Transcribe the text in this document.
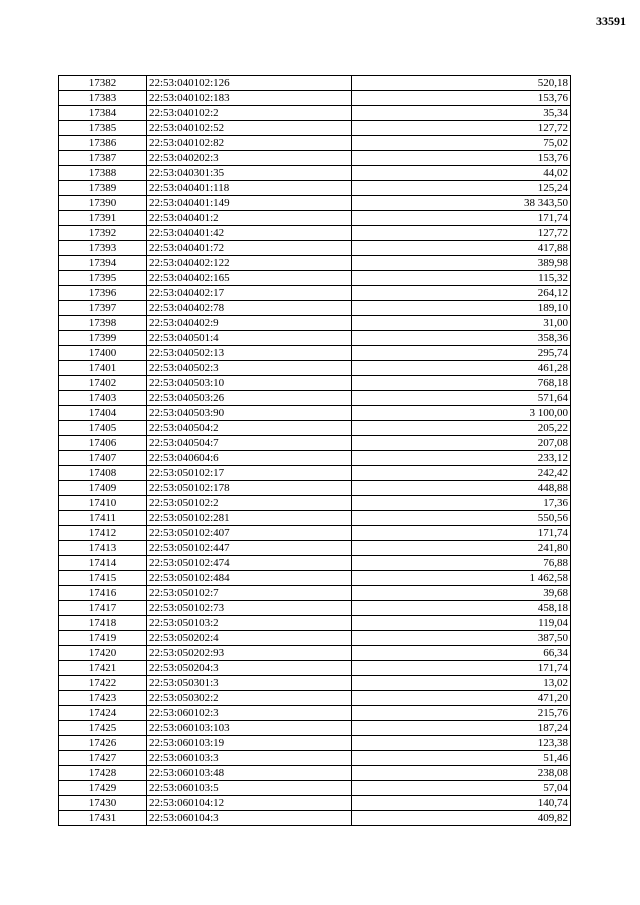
33591
17382	22:53:040102:126	520,18
17383	22:53:040102:183	153,76
17384	22:53:040102:2	35,34
17385	22:53:040102:52	127,72
17386	22:53:040102:82	75,02
17387	22:53:040202:3	153,76
17388	22:53:040301:35	44,02
17389	22:53:040401:118	125,24
17390	22:53:040401:149	38 343,50
17391	22:53:040401:2	171,74
17392	22:53:040401:42	127,72
17393	22:53:040401:72	417,88
17394	22:53:040402:122	389,98
17395	22:53:040402:165	115,32
17396	22:53:040402:17	264,12
17397	22:53:040402:78	189,10
17398	22:53:040402:9	31,00
17399	22:53:040501:4	358,36
17400	22:53:040502:13	295,74
17401	22:53:040502:3	461,28
17402	22:53:040503:10	768,18
17403	22:53:040503:26	571,64
17404	22:53:040503:90	3 100,00
17405	22:53:040504:2	205,22
17406	22:53:040504:7	207,08
17407	22:53:040604:6	233,12
17408	22:53:050102:17	242,42
17409	22:53:050102:178	448,88
17410	22:53:050102:2	17,36
17411	22:53:050102:281	550,56
17412	22:53:050102:407	171,74
17413	22:53:050102:447	241,80
17414	22:53:050102:474	76,88
17415	22:53:050102:484	1 462,58
17416	22:53:050102:7	39,68
17417	22:53:050102:73	458,18
17418	22:53:050103:2	119,04
17419	22:53:050202:4	387,50
17420	22:53:050202:93	66,34
17421	22:53:050204:3	171,74
17422	22:53:050301:3	13,02
17423	22:53:050302:2	471,20
17424	22:53:060102:3	215,76
17425	22:53:060103:103	187,24
17426	22:53:060103:19	123,38
17427	22:53:060103:3	51,46
17428	22:53:060103:48	238,08
17429	22:53:060103:5	57,04
17430	22:53:060104:12	140,74
17431	22:53:060104:3	409,82
